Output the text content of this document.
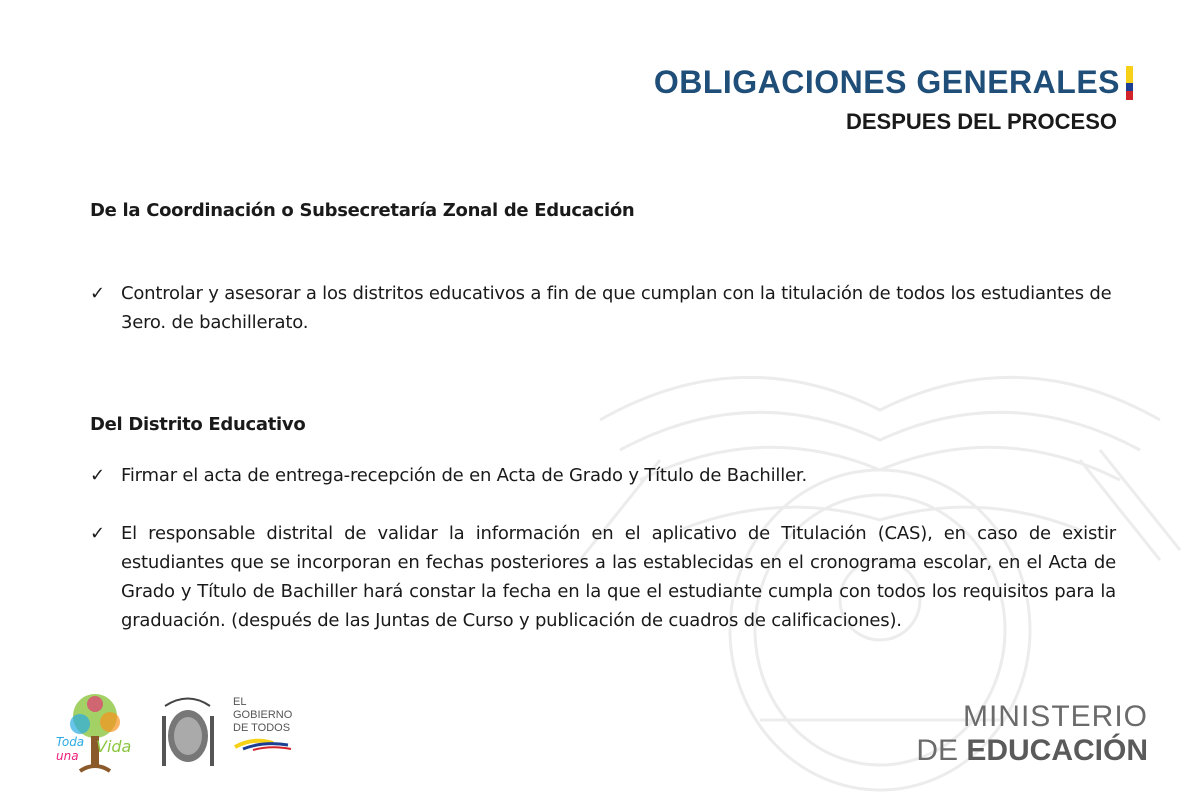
OBLIGACIONES GENERALES
DESPUES DEL PROCESO
De la Coordinación o Subsecretaría Zonal de Educación
✓ Controlar y asesorar a los distritos educativos a fin de que cumplan con la titulación de todos los estudiantes de 3ero. de bachillerato.
Del Distrito Educativo
✓ Firmar el acta de entrega-recepción de en Acta de Grado y Título de Bachiller.
✓ El responsable distrital de validar la información en el aplicativo de Titulación (CAS), en caso de existir estudiantes que se incorporan en fechas posteriores a las establecidas en el cronograma escolar, en el Acta de Grado y Título de Bachiller hará constar la fecha en la que el estudiante cumpla con todos los requisitos para la graduación. (después de las Juntas de Curso y publicación de cuadros de calificaciones).
Toda
una Vida
EL
GOBIERNO
DE TODOS	MINISTERIO
DE EDUCACIÓN
